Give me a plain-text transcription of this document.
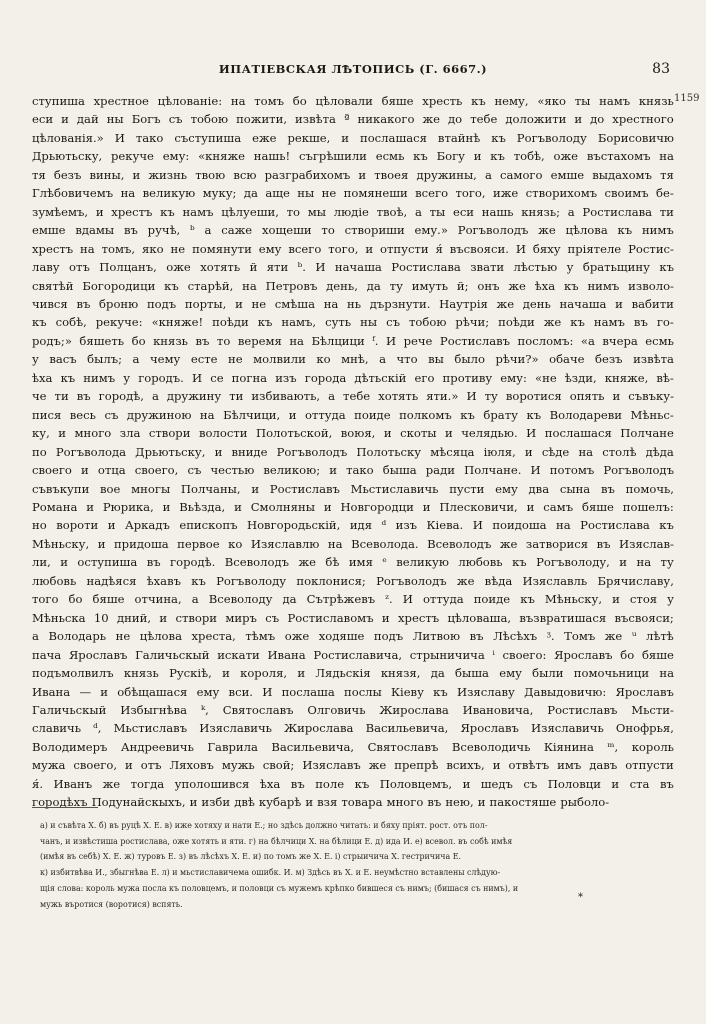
ИПАТІЕВСКАЯ ЛѢТОПИСЬ (Г. 6667.)	83
1159
ступиша хрестное цѣлованіе: на томъ бо цѣловали бяше хресть къ нему, «яко ты намъ князь
еси и дай ны Богъ съ тобою пожити, извѣта ª никакого же до тебе доложити и до хрестного
цѣлованія.» И тако съступиша еже рекше, и послашася втайнѣ къ Рогъволоду Борисовичю
Дрьютьску, рекуче ему: «княже нашь! съгрѣшили есмь къ Богу и къ тобѣ, оже въстахомъ на
тя безъ вины, и жизнь твою всю разграбихомъ и твоея дружины, а самого емше выдахомъ тя
Глѣбовичемъ на великую муку; да аще ны не помянеши всего того, иже створихомъ своимъ бе-
зумѣемъ, и хрестъ къ намъ цѣлуеши, то мы людіе твоѣ, а ты еси нашь князь; а Ростислава ти
емше вдамы въ ручѣ, ᵇ а саже хощеши то створиши ему.» Рогъволодъ же цѣлова къ нимъ
хрестъ на томъ, яко не помянути ему всего того, и отпусти я́ въсвояси. И бяху пріятеле Ростис-
лаву отъ Полцанъ, оже хотять й яти ᵇ. И начаша Ростислава звати лѣстью у братьщину къ
святѣй Богородици къ старѣй, на Петровъ день, да ту имуть й; онъ же ѣха къ нимъ изволо-
чився въ броню подъ порты, и не смѣша на нь дързнути. Наутрія же день начаша и вабити
къ собѣ, рекуче: «княже! поѣди къ намъ, суть ны съ тобою рѣчи; поѣди же къ намъ въ го-
родъ;» бяшеть бо князь въ то веремя на Бѣлцици ᶠ. И рече Ростиславъ посломъ: «а вчера есмь
у васъ былъ; а чему есте не молвили ко мнѣ, а что вы было рѣчи?» обаче безъ извѣта
ѣха къ нимъ у городъ. И се погна изъ города дѣтьскій его противу ему: «не ѣзди, княже, вѣ-
че ти въ городѣ, а дружину ти избивають, а тебе хотять яти.» И ту воротися опять и съвъку-
пися весь съ дружиною на Бѣлчици, и оттуда поиде полкомъ къ брату къ Володареви Мѣньс-
ку, и много зла створи волости Полотьской, воюя, и скоты и челядью. И послашася Полчане
по Рогъволода Дрьютьску, и вниде Рогъволодъ Полотьску мѣсяца іюля, и сѣде на столѣ дѣда
своего и отца своего, съ честью великою; и тако быша ради Полчане. И потомъ Рогъволодъ
съвъкупи вое многы Полчаны, и Ростиславъ Мьстиславичь пусти ему два сына въ помочь,
Романа и Рюрика, и Вьѣзда, и Смолняны и Новгородци и Плесковичи, и самъ бяше пошелъ:
но вороти и Аркадъ епископъ Новгородьскій, идя ᵈ изъ Кіева. И поидоша на Ростислава къ
Мѣньску, и придоша первое ко Изяславлю на Всеволода. Всеволодъ же затворися въ Изяслав-
ли, и оступиша въ городѣ. Всеволодъ же бѣ имя ᵉ великую любовь къ Рогъволоду, и на ту
любовь надѣяся ѣхавъ къ Рогъволоду поклонися; Рогъволодъ же вѣда Изяславль Брячиславу,
того бо бяше отчина, а Всеволоду да Сътрѣжевъ ᶻ. И оттуда поиде къ Мѣньску, и стоя у
Мѣньска 10 дний, и створи миръ съ Ростиславомъ и хрестъ цѣловаша, възвратишася въсвояси;
а Володарь не цѣлова хреста, тѣмъ оже ходяше подъ Литвою въ Лѣсѣхъ ᶾ. Томъ же ᵘ лѣтѣ
пача Ярославъ Галичьскый искати Ивана Ростиславича, стрыничича ⁱ своего: Ярославъ бо бяше
подъмолвилъ князь Рускіѣ, и короля, и Лядьскія князя, да быша ему были помочьници на
Ивана — и обѣщашася ему вси. И послаша послы Кіеву къ Изяславу Давыдовичю: Ярославъ
Галичьскый Избыгнѣва ᵏ, Святославъ Олговичь Жирослава Ивановича, Ростиславъ Мьсти-
славичь ᵈ, Мьстиславъ Изяславичь Жирослава Васильевича, Ярославъ Изяславичь Онофрья,
Володимеръ Андреевичь Гаврила Васильевича, Святославъ Всеволодичь Кіянина ᵐ, король
мужа своего, и отъ Ляховъ мужь свой; Изяславъ же препрѣ всихъ, и отвѣтъ имъ давъ отпусти
я́. Иванъ же тогда уполошився ѣха въ поле къ Половцемъ, и шедъ съ Половци и ста въ
городѣхъ Подунайскыхъ, и изби двѣ кубарѣ и взя товара много въ нею, и пакостяше рыболо-
а) и съвѣта Х. б) въ руцѣ Х. Е. в) иже хотяху и нати Е.; но здѣсь должно читать: и бяху пріят. рост. отъ пол-
чанъ, и извѣстиша ростислава, оже хотять и яти. г) на бѣлчици Х. на бѣлици Е. д) ида И. е) всевол. въ собѣ имѣя
(имѣя въ себѣ) Х. Е. ж) туровъ Е. з) въ лѣсѣхъ Х. Е. и) по томъ же Х. Е. і) стрыичича Х. гестричича Е.
к) избитвѣва И., збыгнѣва Е. л) и мьстиславичема ошибк. И. м) Здѣсь въ Х. и Е. неумѣстно вставлены слѣдую-
щія слова: король мужа посла къ половцемъ, и половци съ мужемъ крѣпко бившеся съ нимъ; (бишася съ нимъ), и
мужь въротися (воротися) вспять.
*
